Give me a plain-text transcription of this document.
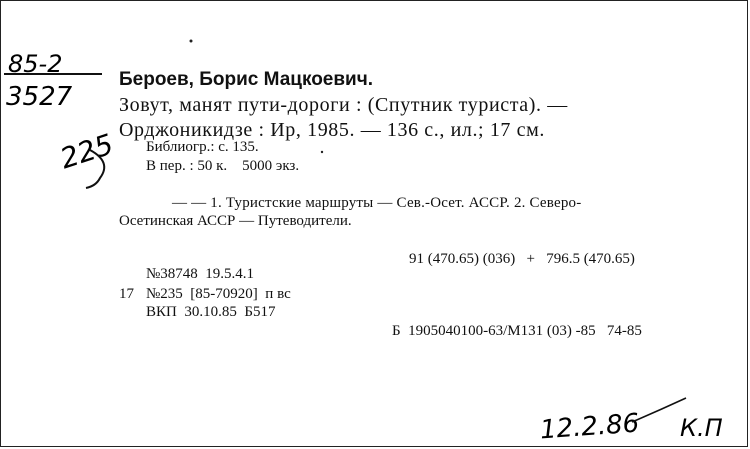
85-2
3527
225
12.2.86 К.П
Бероев, Борис Мацкоевич.
Зовут, манят пути-дороги : (Спутник туриста). —
Орджоникидзе : Ир, 1985. — 136 с., ил.; 17 см.
Библиогр.: с. 135.
В пер. : 50 к.    5000 экз.
— — 1. Туристские маршруты — Сев.-Осет. АССР. 2. Северо-
Осетинская АССР — Путеводители.
91 (470.65) (036)   +   796.5 (470.65)
№38748  19.5.4.1
17 №235  [85-70920]  п вс
ВКП  30.10.85  Б517
Б  1905040100-63/М131 (03) -85   74-85
